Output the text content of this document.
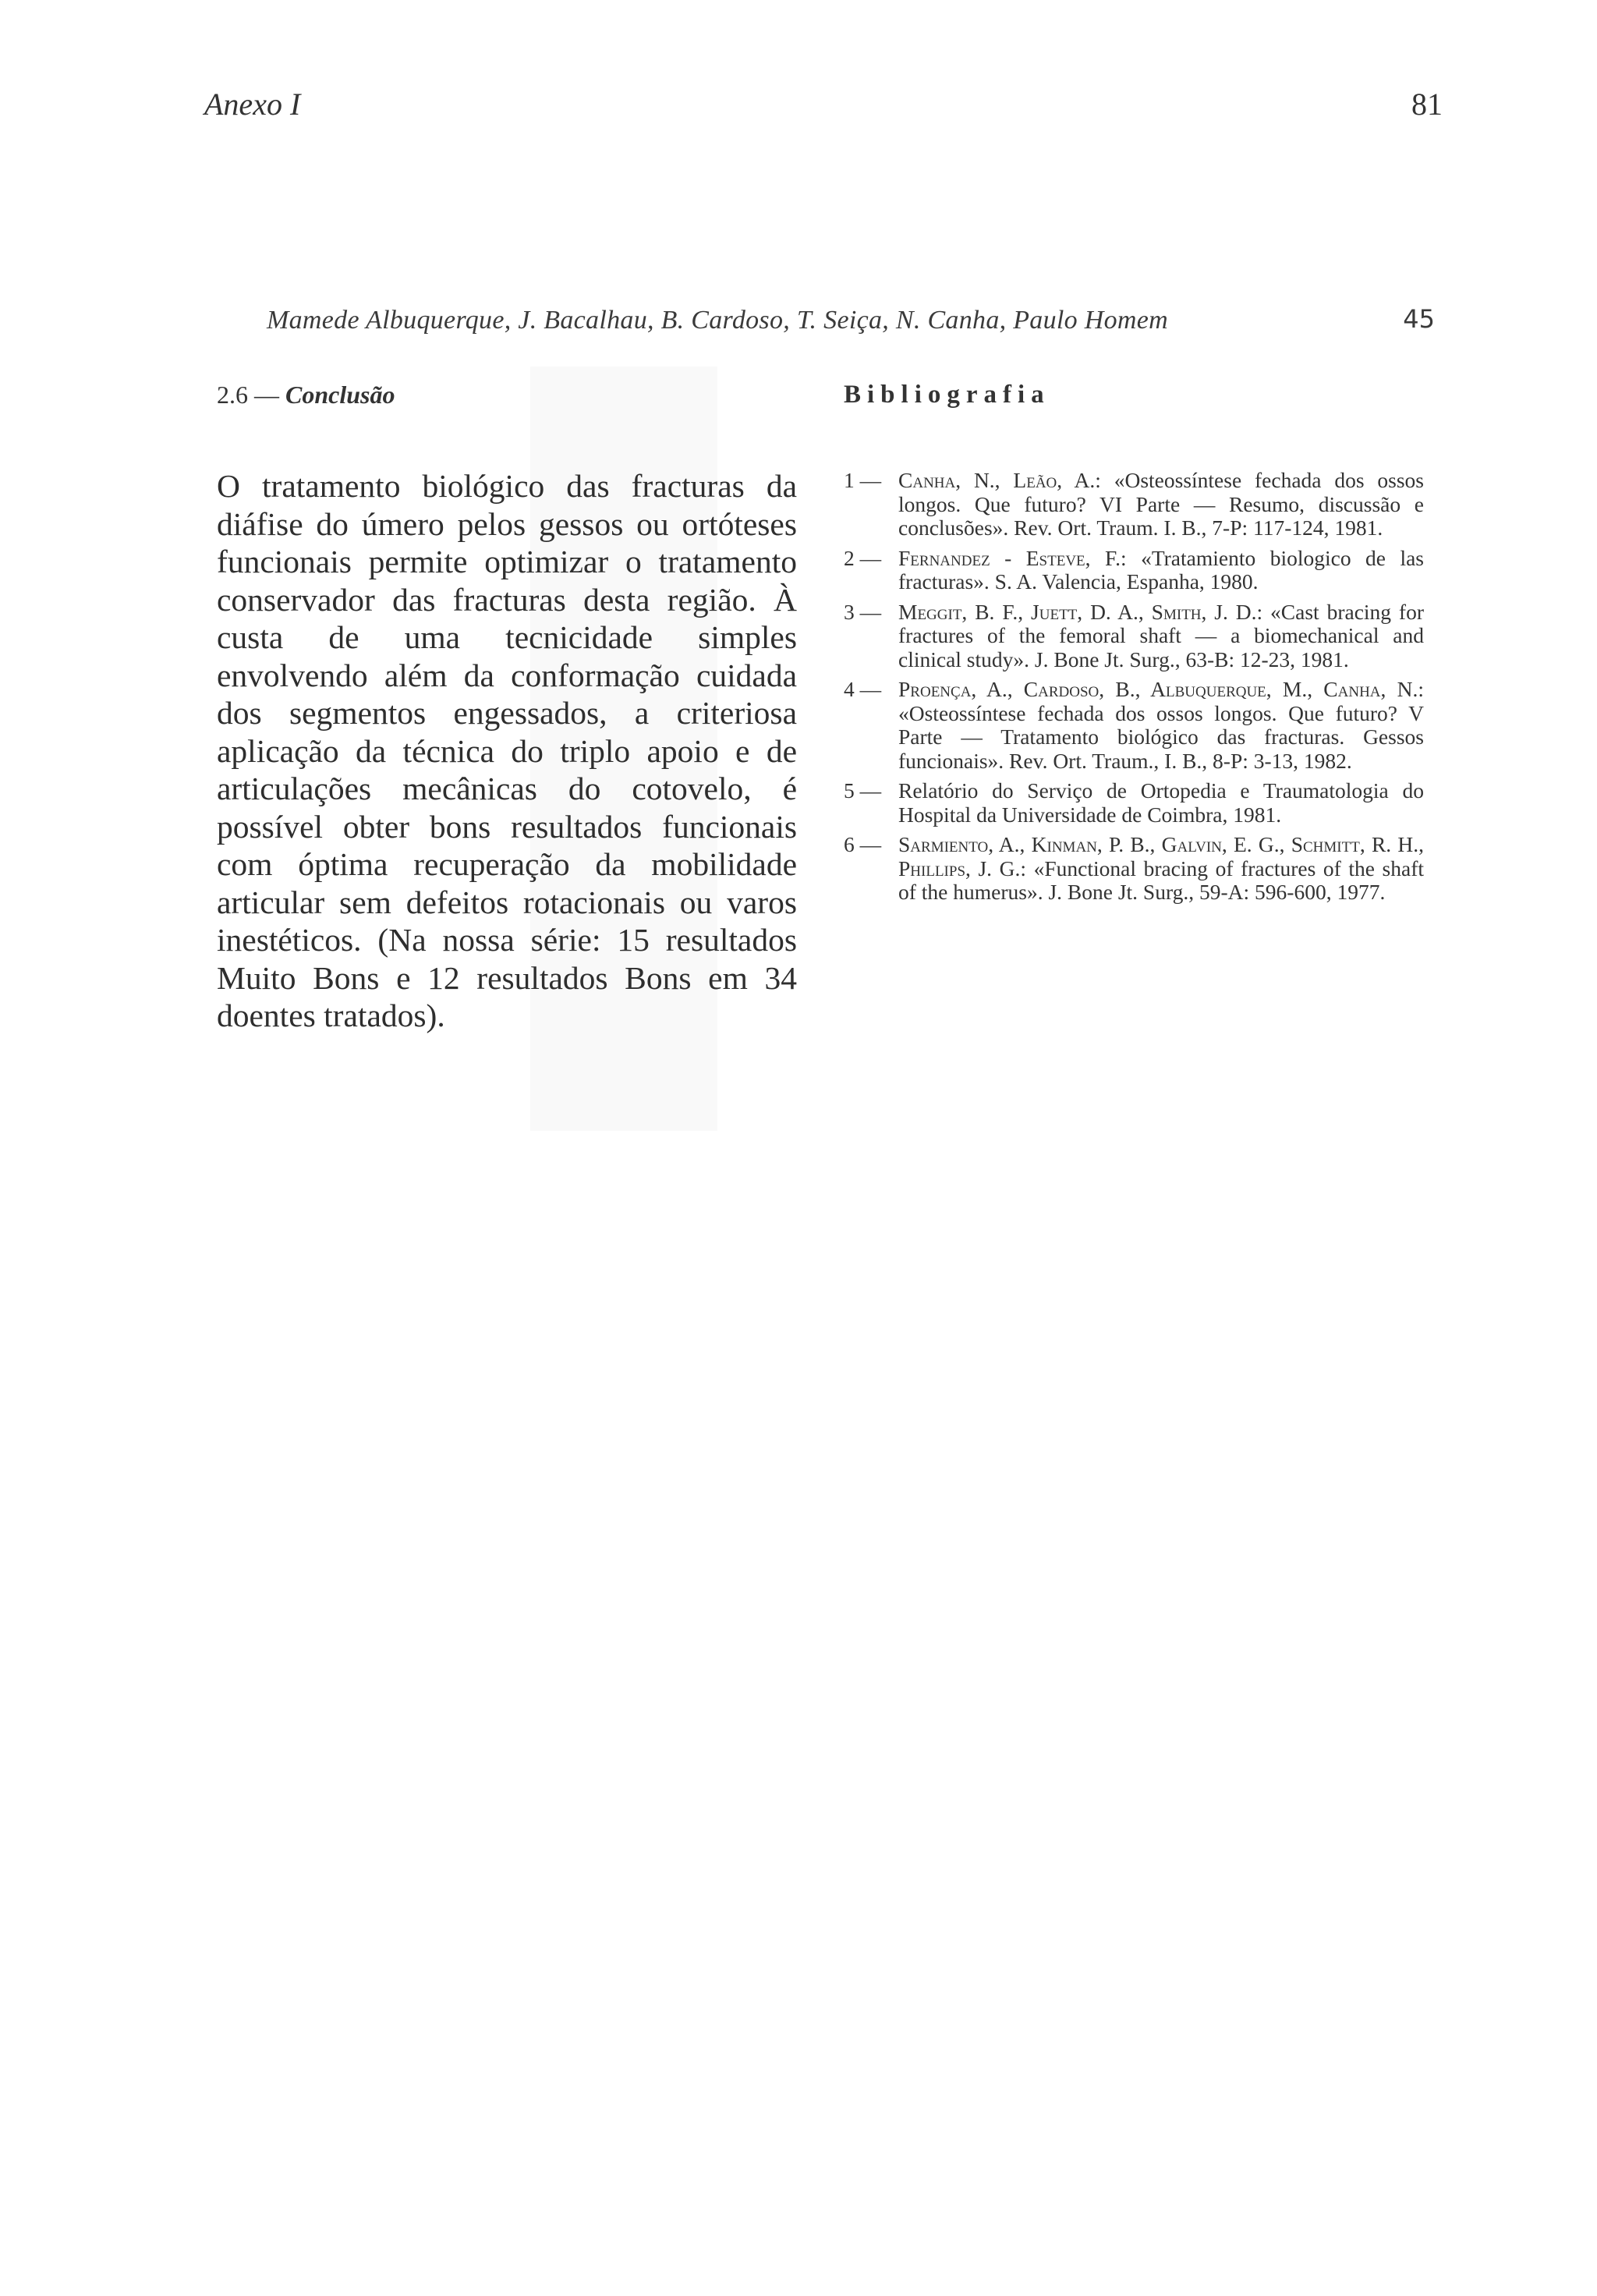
Anexo I	81
Mamede Albuquerque, J. Bacalhau, B. Cardoso, T. Seiça, N. Canha, Paulo Homem	45
2.6 — Conclusão

O tratamento biológico das fracturas da diáfise do úmero pelos gessos ou ortóteses funcionais permite optimizar o tratamento conservador das fracturas desta região. À custa de uma tecnicidade simples envolvendo além da conformação cuidada dos segmentos engessados, a criteriosa aplicação da técnica do triplo apoio e de articulações mecânicas do cotovelo, é possível obter bons resultados funcionais com óptima recuperação da mobilidade articular sem defeitos rotacionais ou varos inestéticos. (Na nossa série: 15 resultados Muito Bons e 12 resultados Bons em 34 doentes tratados).

Bibliografia
1 — Canha, N., Leão, A.: «Osteossíntese fechada dos ossos longos. Que futuro? VI Parte — Resumo, discussão e conclusões». Rev. Ort. Traum. I. B., 7-P: 117-124, 1981.
2 — Fernandez - Esteve, F.: «Tratamiento biologico de las fracturas». S. A. Valencia, Espanha, 1980.
3 — Meggit, B. F., Juett, D. A., Smith, J. D.: «Cast bracing for fractures of the femoral shaft — a biomechanical and clinical study». J. Bone Jt. Surg., 63-B: 12-23, 1981.
4 — Proença, A., Cardoso, B., Albuquerque, M., Canha, N.: «Osteossíntese fechada dos ossos longos. Que futuro? V Parte — Tratamento biológico das fracturas. Gessos funcionais». Rev. Ort. Traum., I. B., 8-P: 3-13, 1982.
5 — Relatório do Serviço de Ortopedia e Traumatologia do Hospital da Universidade de Coimbra, 1981.
6 — Sarmiento, A., Kinman, P. B., Galvin, E. G., Schmitt, R. H., Phillips, J. G.: «Functional bracing of fractures of the shaft of the humerus». J. Bone Jt. Surg., 59-A: 596-600, 1977.
